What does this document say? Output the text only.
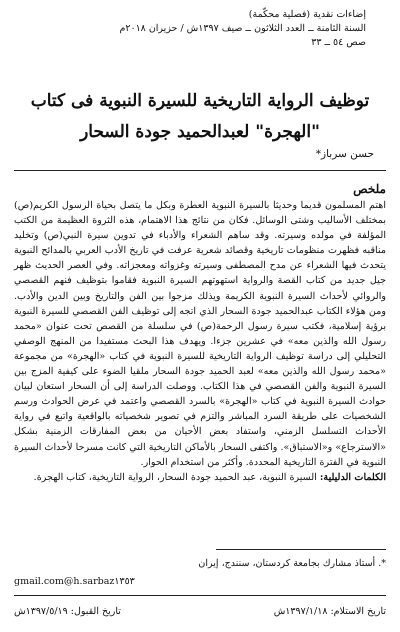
إضاءات نقدية (فصلية محكّمة)
السنة الثامنة ــ العدد الثلاثون ــ صيف ١٣٩٧ش / حزيران ٢٠١٨م
صص ٥٤ ــ ٣٣
توظيف الرواية التاريخية للسيرة النبوية فى كتاب "الهجرة" لعبدالحميد جودة السحار
حسن سرباز*
ملخص

اهتم المسلمون قديما وحديثا بالسيرة النبوية العطرة وبكل ما يتصل بحياة الرسول الكريم(ص) بمختلف الأساليب وشتى الوسائل. فكان من نتائج هذا الاهتمام، هذه الثروة العظيمة من الكتب المؤلفة في مولده وسيرته. وقد ساهم الشعراء والأدباء في تدوين سيرة النبي(ص) وتخليد مناقبه فظهرت منظومات تاريخية وقصائد شعرية عرفت في تاريخ الأدب العربي بالمدائح النبوية يتحدث فيها الشعراء عن مدح المصطفى وسيرته وغزواته ومعجزاته. وفي العصر الحديث ظهر جيل جديد من كتاب القصة والرواية استهوتهم السيرة النبوية فقاموا بتوظيف فنهم القصصي والروائي لأحداث السيرة النبوية الكريمة ويذلك مزجوا بين الفن والتاريخ وبين الدين والأدب. ومن هؤلاء الكتاب عبدالحميد جودة السحار الذي اتجه إلى توظيف الفن القصصي للسيرة النبوية برؤية إسلامية، فكتب سيرة رسول الرحمة(ص) في سلسلة من القصص تحت عنوان «محمد رسول الله والذين معه» في عشرين جزءا. ويهدف هذا البحث مستفيدا من المنهج الوصفي التحليلي إلى دراسة توظيف الرواية التاريخية للسيرة النبوية في كتاب «الهجرة» من مجموعة «محمد رسول الله والذين معه» لعبد الحميد جودة السحار ملقيا الضوء على كيفية المزج بين السيرة النبوية والفن القصصي في هذا الكتاب. ووصلت الدراسة إلى أن السحار استعان لبيان حوادث السيرة النبوية في كتاب «الهجرة» بالسرد القصصي واعتمد في عرض الحوادث ورسم الشخصيات على طريقة السرد المباشر والتزم في تصوير شخصياته بالواقعية واتبع في رواية الأحداث التسلسل الزمني، واستفاد بعض الأحيان من بعض المفارقات الزمنية بشكل «الاسترجاع» و«الاستباق». واكتفى السحار بالأماكن التاريخية التي كانت مسرحا لأحداث السيرة النبوية في الفترة التاريخية المحددة. وأكثر من استخدام الحوار.

الكلمات الدليلية: السيرة النبوية، عبد الحميد جودة السحار، الرواية التاريخية، كتاب الهجرة.

*. أستاذ مشارك بجامعة كردستان، سنندج، إيران
gmail.com@h.sarbaz١٣٥٣
تاريخ الاستلام: ١٣٩٧/١/١٨ش
تاريخ القبول: ١٣٩٧/٥/١٩ش
